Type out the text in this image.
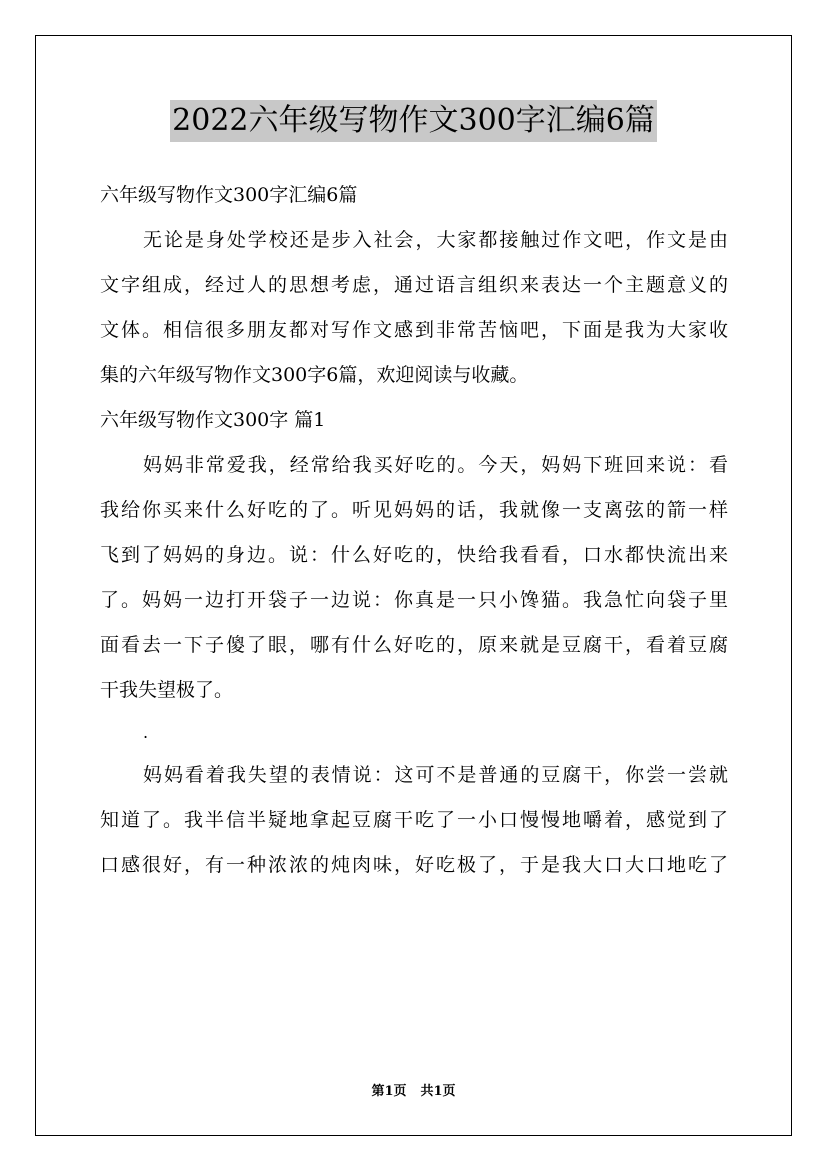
2022六年级写物作文300字汇编6篇
六年级写物作文300字汇编6篇
无论是身处学校还是步入社会，大家都接触过作文吧，作文是由
文字组成，经过人的思想考虑，通过语言组织来表达一个主题意义的
文体。相信很多朋友都对写作文感到非常苦恼吧，下面是我为大家收
集的六年级写物作文300字6篇，欢迎阅读与收藏。
六年级写物作文300字 篇1
妈妈非常爱我，经常给我买好吃的。今天，妈妈下班回来说：看
我给你买来什么好吃的了。听见妈妈的话，我就像一支离弦的箭一样
飞到了妈妈的身边。说：什么好吃的，快给我看看，口水都快流出来
了。妈妈一边打开袋子一边说：你真是一只小馋猫。我急忙向袋子里
面看去一下子傻了眼，哪有什么好吃的，原来就是豆腐干，看着豆腐
干我失望极了。
.
妈妈看着我失望的表情说：这可不是普通的豆腐干，你尝一尝就
知道了。我半信半疑地拿起豆腐干吃了一小口慢慢地嚼着，感觉到了
口感很好，有一种浓浓的炖肉味，好吃极了，于是我大口大口地吃了
第1页 共1页
